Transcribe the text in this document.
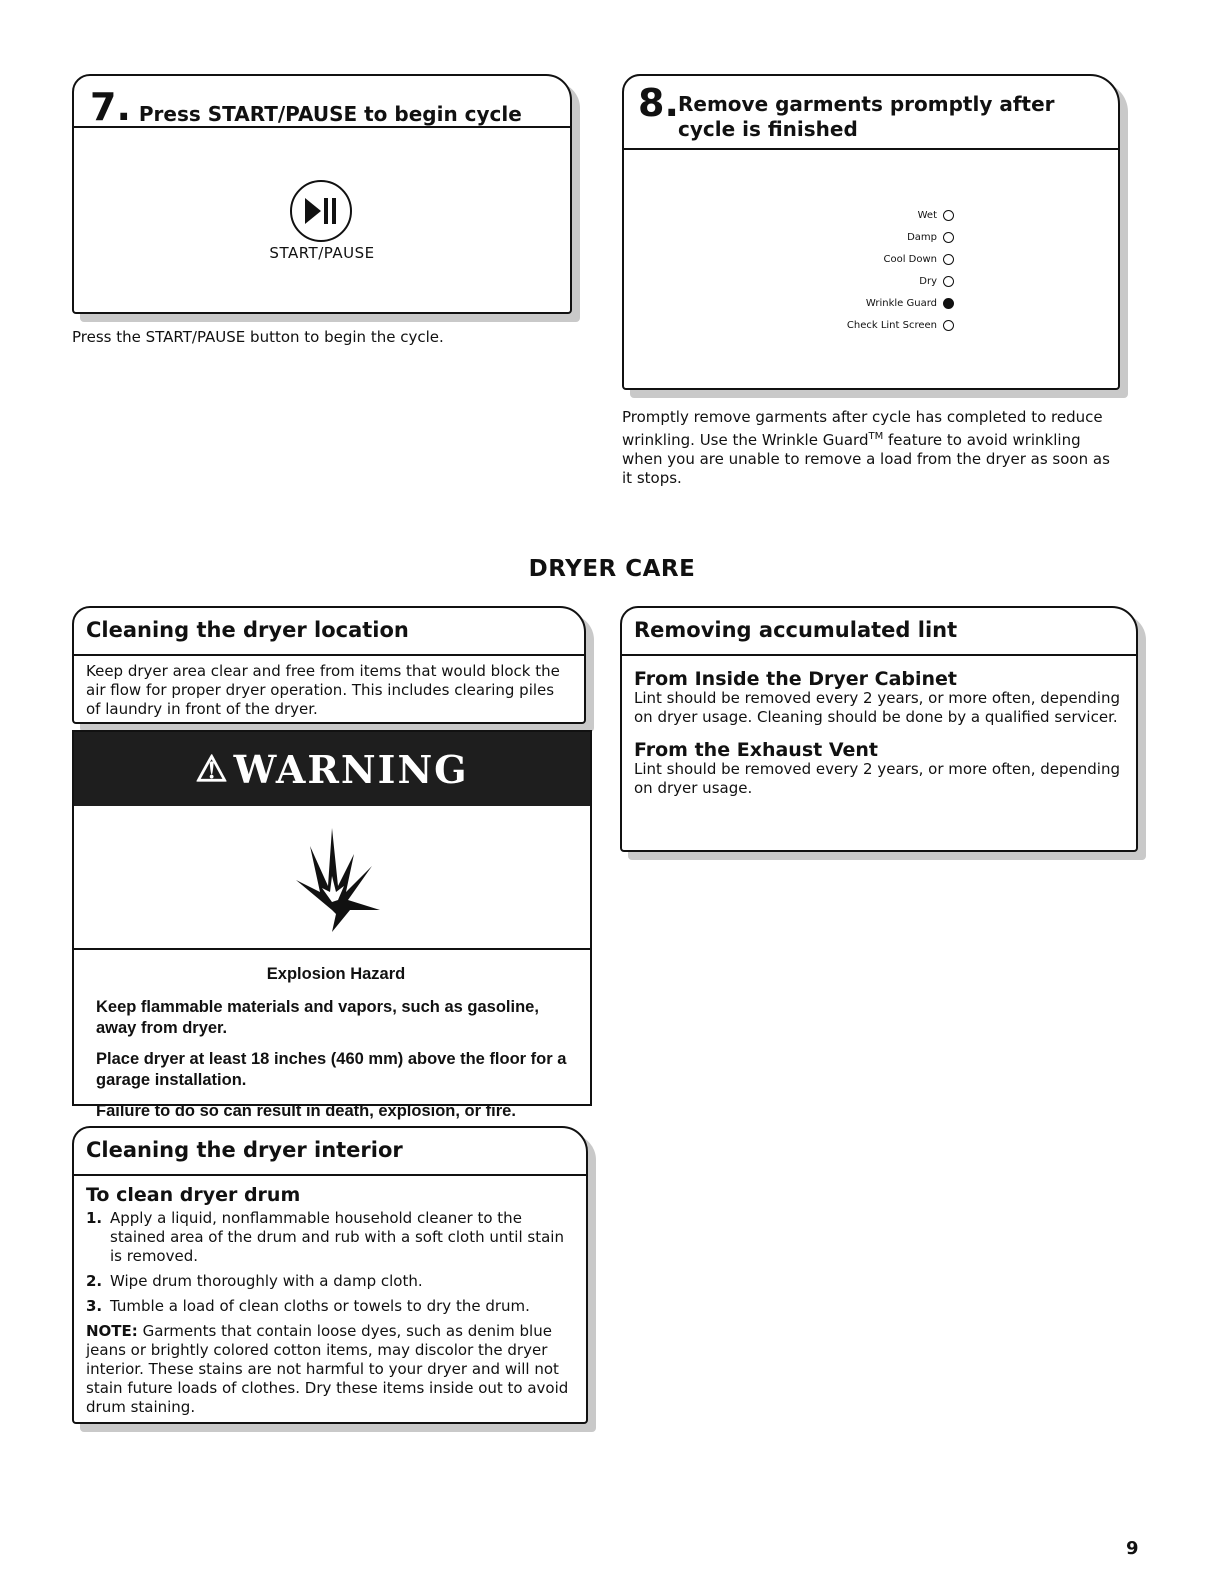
7. Press START/PAUSE to begin cycle
START/PAUSE
Press the START/PAUSE button to begin the cycle.
8. Remove garments promptly after
cycle is finished
Wet
Damp
Cool Down
Dry
Wrinkle Guard
Check Lint Screen
Promptly remove garments after cycle has completed to reduce wrinkling. Use the Wrinkle Guard™ feature to avoid wrinkling when you are unable to remove a load from the dryer as soon as it stops.
DRYER CARE
Cleaning the dryer location
Keep dryer area clear and free from items that would block the air flow for proper dryer operation. This includes clearing piles of laundry in front of the dryer.
⚠ WARNING

Explosion Hazard

Keep flammable materials and vapors, such as gasoline, away from dryer.

Place dryer at least 18 inches (460 mm) above the floor for a garage installation.

Failure to do so can result in death, explosion, or fire.

Cleaning the dryer interior
To clean dryer drum
1. Apply a liquid, nonflammable household cleaner to the stained area of the drum and rub with a soft cloth until stain is removed.
2. Wipe drum thoroughly with a damp cloth.
3. Tumble a load of clean cloths or towels to dry the drum.
NOTE: Garments that contain loose dyes, such as denim blue jeans or brightly colored cotton items, may discolor the dryer interior. These stains are not harmful to your dryer and will not stain future loads of clothes. Dry these items inside out to avoid drum staining.
Removing accumulated lint
From Inside the Dryer Cabinet
Lint should be removed every 2 years, or more often, depending on dryer usage. Cleaning should be done by a qualified servicer.
From the Exhaust Vent
Lint should be removed every 2 years, or more often, depending on dryer usage.
9
